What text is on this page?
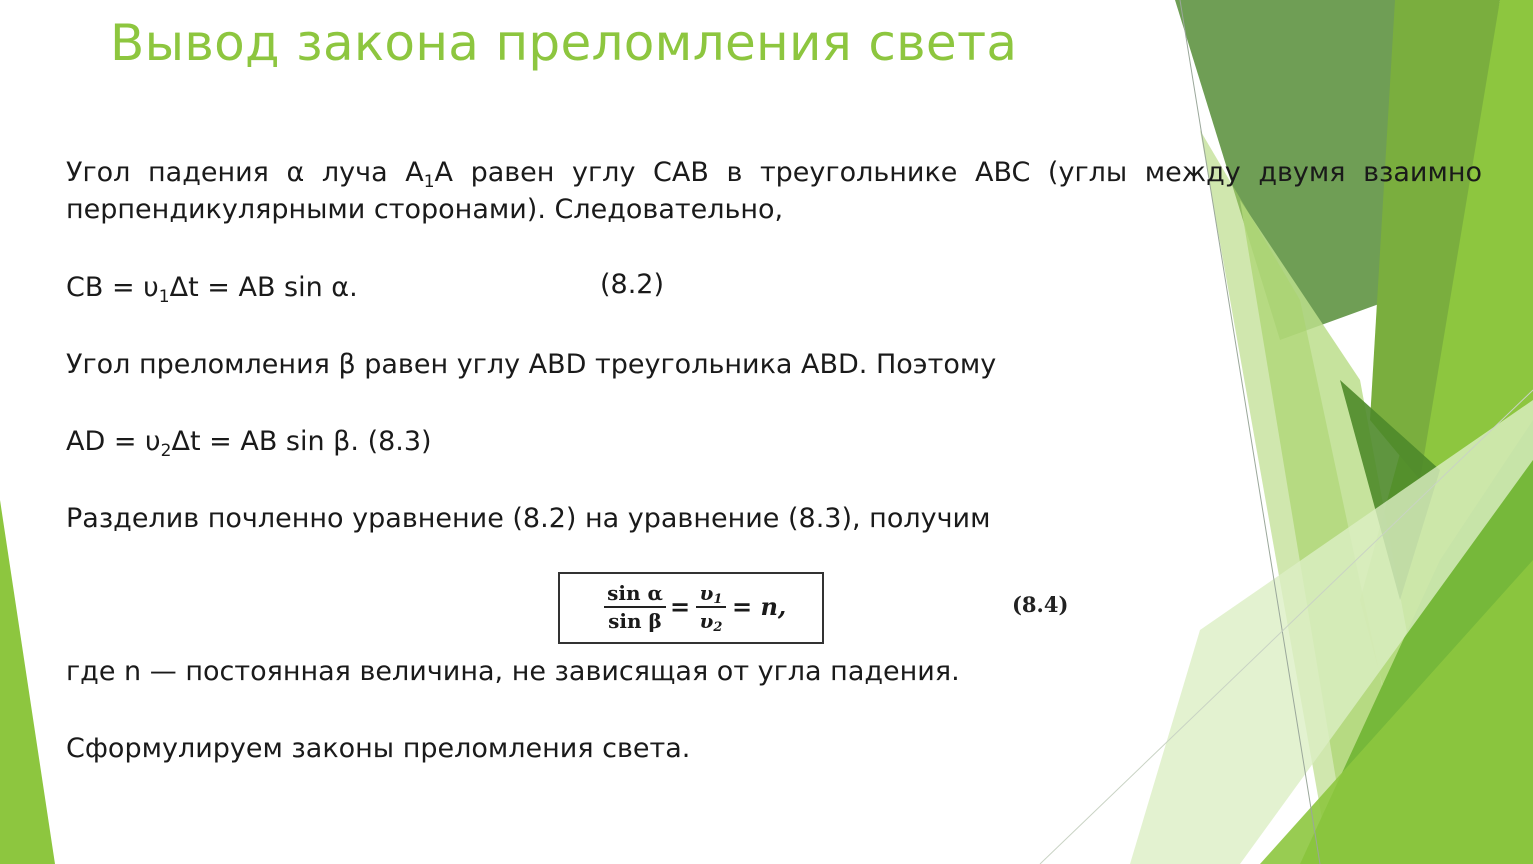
Вывод закона преломления света

Угол падения α луча $A_1A$ равен углу CAB в треугольнике ABC (углы между двумя взаимно перпендикулярными сторонами). Следовательно,

CB = $\upsilon_1\Delta t$ = AB sin α.	(8.2)

Угол преломления β равен углу ABD треугольника ABD. Поэтому

AD = $\upsilon_2\Delta t$ = AB sin β. (8.3)

Разделив почленно уравнение (8.2) на уравнение (8.3), получим

sin α
$\sin \beta = \upsilon_1$
$\upsilon_2$
= n,	(8.4)

где n — постоянная величина, не зависящая от угла падения.

Сформулируем законы преломления света.
